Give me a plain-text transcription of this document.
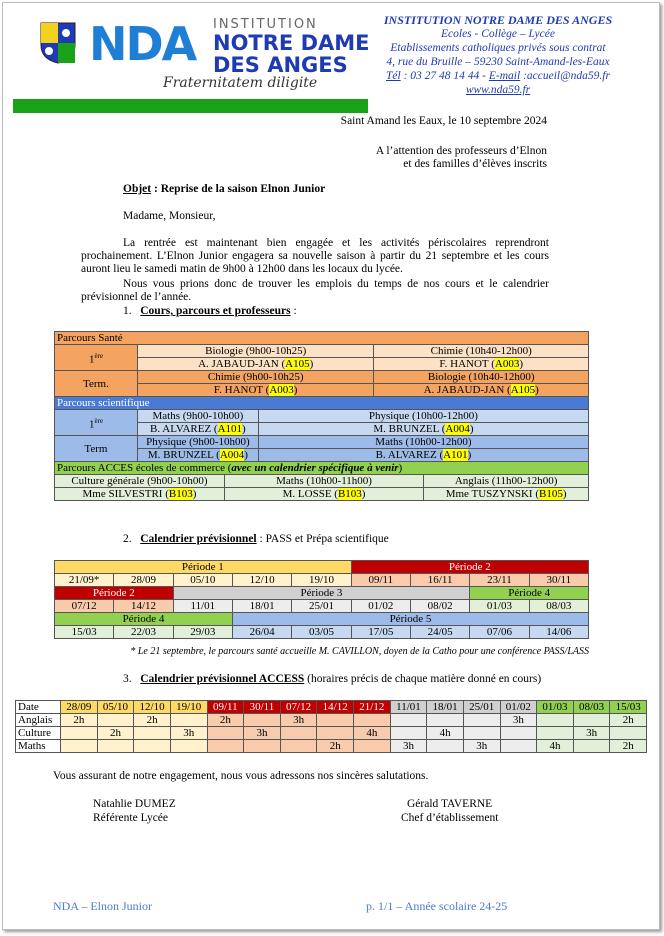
NDA	INSTITUTION
NOTRE DAME
DES ANGES
Fraternitatem diligite
INSTITUTION NOTRE DAME DES ANGES
Ecoles - Collège – Lycée
Etablissements catholiques privés sous contrat
4, rue du Bruille – 59230 Saint-Amand-les-Eaux
Tél : 03 27 48 14 44 - E-mail :accueil@nda59.fr
www.nda59.fr
Saint Amand les Eaux, le 10 septembre 2024
A l’attention des professeurs d’Elnon
et des familles d’élèves inscrits
Objet : Reprise de la saison Elnon Junior
Madame, Monsieur,
La rentrée est maintenant bien engagée et les activités périscolaires reprendront prochainement. L’Elnon Junior engagera sa nouvelle saison à partir du 21 septembre et les cours auront lieu le samedi matin de 9h00 à 12h00 dans les locaux du lycée.
Nous vous prions donc de trouver les emplois du temps de nos cours et le calendrier prévisionnel de l’année.
1. Cours, parcours et professeurs :
Parcours Santé					
1ère	Biologie (9h00-10h25)			Chimie (10h40-12h00)	
	A. JABAUD-JAN (A105)			F. HANOT (A003)	
Term.	Chimie (9h00-10h25)			Biologie (10h40-12h00)	
	F. HANOT (A003)			A. JABAUD-JAN (A105)	
Parcours scientifique					
1ère	Maths (9h00-10h00)		Physique (10h00-12h00)		
	B. ALVAREZ (A101)		M. BRUNZEL (A004)		
Term	Physique (9h00-10h00)		Maths (10h00-12h00)		
	M. BRUNZEL (A004)		B. ALVAREZ (A101)		
Parcours ACCES écoles de commerce (avec un calendrier spécifique à venir)					
Culture générale (9h00-10h00)		Maths (10h00-11h00)			Anglais (11h00-12h00)
Mme SILVESTRI (B103)		M. LOSSE (B103)			Mme TUSZYNSKI (B105)
2. Calendrier prévisionnel : PASS et Prépa scientifique
Période 1					Période 2			
21/09*	28/09	05/10	12/10	19/10	09/11	16/11	23/11	30/11
Période 2		Période 3					Période 4	
07/12	14/12	11/01	18/01	25/01	01/02	08/02	01/03	08/03
Période 4			Période 5					
15/03	22/03	29/03	26/04	03/05	17/05	24/05	07/06	14/06
* Le 21 septembre, le parcours santé accueille M. CAVILLON, doyen de la Catho pour une conférence PASS/LASS
3. Calendrier prévisionnel ACCESS (horaires précis de chaque matière donné en cours)
Date	28/09	05/10	12/10	19/10	09/11	30/11	07/12	14/12	21/12	11/01	18/01	25/01	01/02	01/03	08/03	15/03
Anglais	2h		2h		2h		3h						3h			2h
Culture		2h		3h		3h			4h		4h				3h	
Maths								2h		3h		3h		4h		2h
Vous assurant de notre engagement, nous vous adressons nos sincères salutations.
Natahlie DUMEZ
Référente Lycée
Gérald TAVERNE
Chef d’établissement
NDA – Elnon Junior	p. 1/1 – Année scolaire 24-25
